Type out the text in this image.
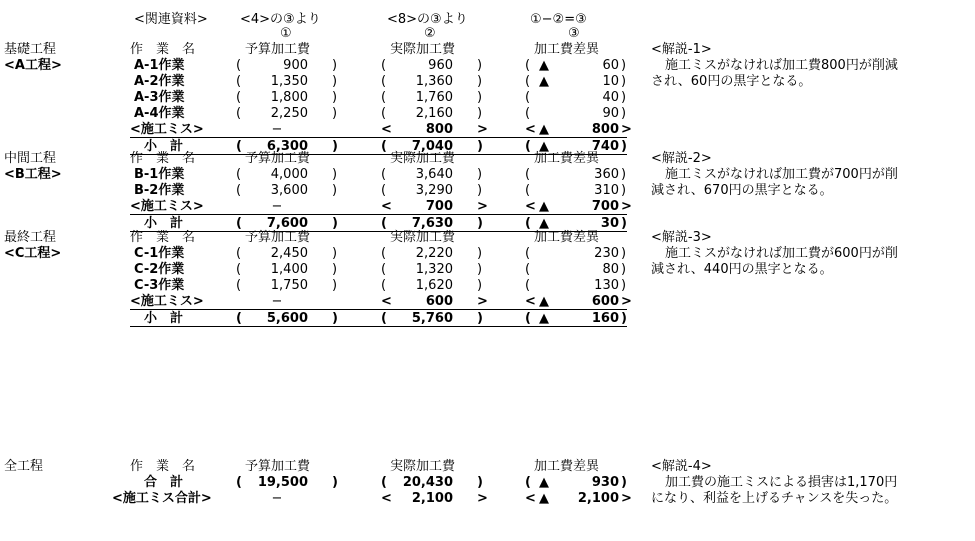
<関連資料> <4>の③より	<8>の③より	①−②=③
①	②	③
基礎工程
<A工程>
作　業　名	予算加工費	実際加工費	加工費差異	<解説-1>
施工ミスがなければ加工費800円が削減
され、60円の黒字となる。
A-1作業	(	900 )	(	960 )	( ▲	60 )
A-2作業	(	1,350 )	(	1,360 )	( ▲	10 )
A-3作業	(	1,800 )	(	1,760 )	(	40 )
A-4作業	(	2,250 )	(	2,160 )	(	90 )
<施工ミス>	−	<	800 >	< ▲	800 >
小　計	(	6,300 )	(	7,040 )	( ▲	740 )
中間工程
<B工程>
作　業　名	予算加工費	実際加工費	加工費差異	<解説-2>
施工ミスがなければ加工費が700円が削
減され、670円の黒字となる。
B-1作業	(	4,000 )	(	3,640 )	(	360 )
B-2作業	(	3,600 )	(	3,290 )	(	310 )
<施工ミス>	−	<	700 >	< ▲	700 >
小　計	(	7,600 )	(	7,630 )	( ▲	30 )
最終工程
<C工程>
作　業　名	予算加工費	実際加工費	加工費差異	<解説-3>
施工ミスがなければ加工費が600円が削
減され、440円の黒字となる。
C-1作業	(	2,450 )	(	2,220 )	(	230 )
C-2作業	(	1,400 )	(	1,320 )	(	80 )
C-3作業	(	1,750 )	(	1,620 )	(	130 )
<施工ミス>	−	<	600 >	< ▲	600 >
小　計	(	5,600 )	(	5,760 )	( ▲	160 )
全工程	作　業　名	予算加工費	実際加工費	加工費差異	<解説-4>
加工費の施工ミスによる損害は1,170円
になり、利益を上げるチャンスを失った。
合　計	(	19,500 )	(	20,430 )	( ▲	930 )
<施工ミス合計>	−	<	2,100 >	< ▲	2,100 >
